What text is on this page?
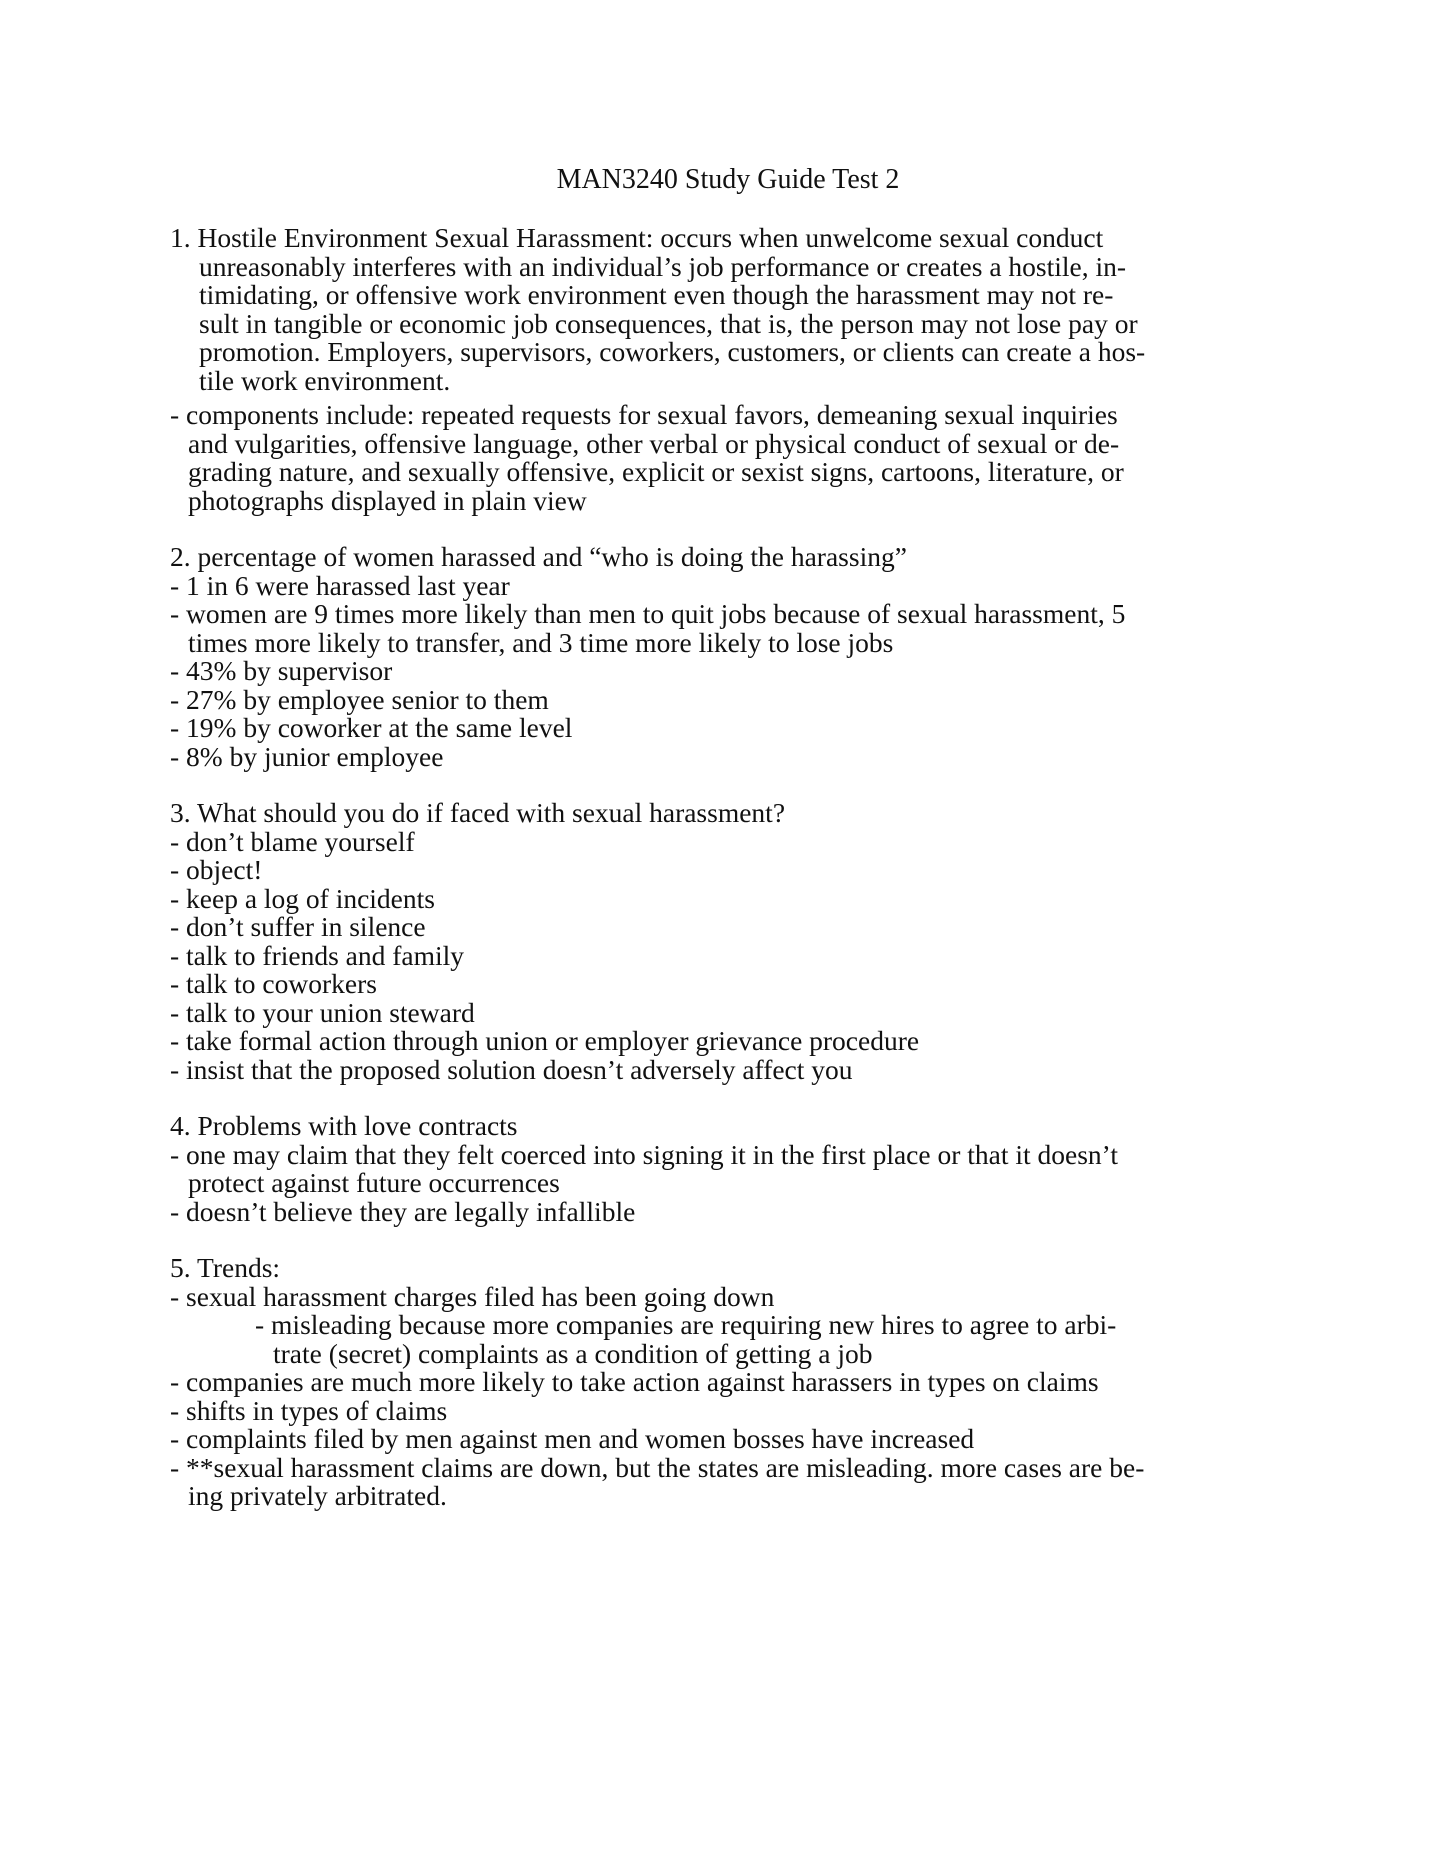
MAN3240 Study Guide Test 2
1. Hostile Environment Sexual Harassment: occurs when unwelcome sexual conduct
unreasonably interferes with an individual’s job performance or creates a hostile, in-
timidating, or offensive work environment even though the harassment may not re-
sult in tangible or economic job consequences, that is, the person may not lose pay or
promotion. Employers, supervisors, coworkers, customers, or clients can create a hos-
tile work environment.
- components include: repeated requests for sexual favors, demeaning sexual inquiries
and vulgarities, offensive language, other verbal or physical conduct of sexual or de-
grading nature, and sexually offensive, explicit or sexist signs, cartoons, literature, or
photographs displayed in plain view
2. percentage of women harassed and “who is doing the harassing”
- 1 in 6 were harassed last year
- women are 9 times more likely than men to quit jobs because of sexual harassment, 5
times more likely to transfer, and 3 time more likely to lose jobs
- 43% by supervisor
- 27% by employee senior to them
- 19% by coworker at the same level
- 8% by junior employee
3. What should you do if faced with sexual harassment?
- don’t blame yourself
- object!
- keep a log of incidents
- don’t suffer in silence
- talk to friends and family
- talk to coworkers
- talk to your union steward
- take formal action through union or employer grievance procedure
- insist that the proposed solution doesn’t adversely affect you
4. Problems with love contracts
- one may claim that they felt coerced into signing it in the first place or that it doesn’t
protect against future occurrences
- doesn’t believe they are legally infallible
5. Trends:
- sexual harassment charges filed has been going down
- misleading because more companies are requiring new hires to agree to arbi-
trate (secret) complaints as a condition of getting a job
- companies are much more likely to take action against harassers in types on claims
- shifts in types of claims
- complaints filed by men against men and women bosses have increased
- **sexual harassment claims are down, but the states are misleading. more cases are be-
ing privately arbitrated.
